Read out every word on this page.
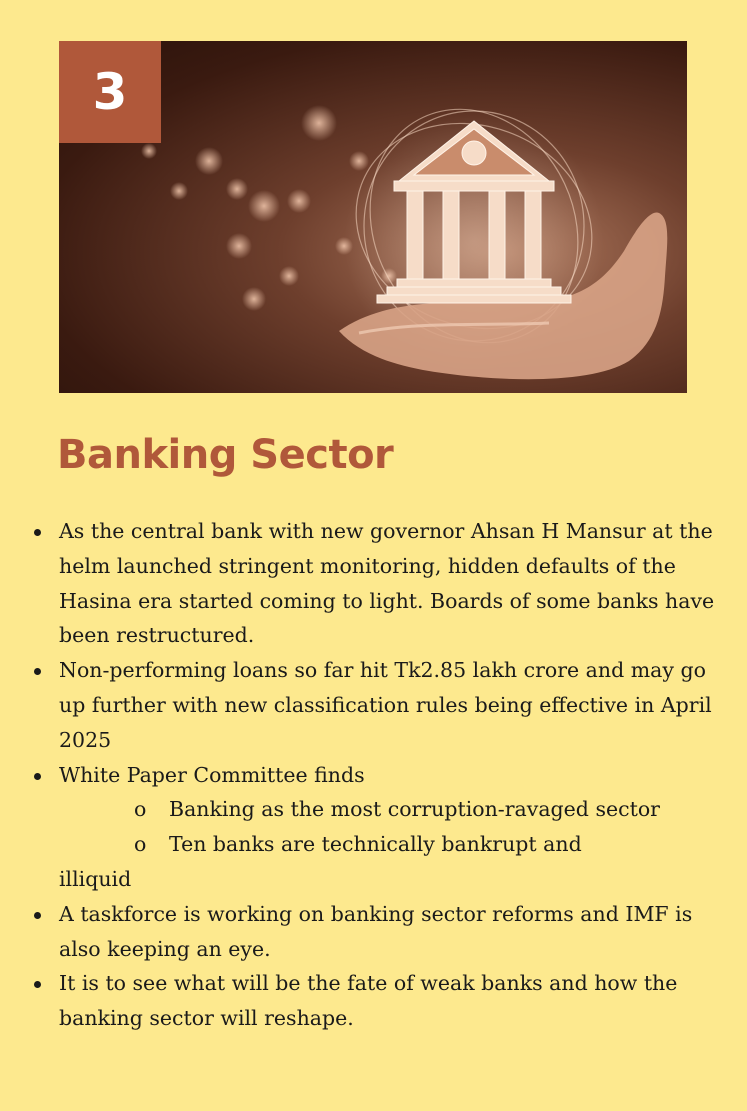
3
Banking Sector
As the central bank with new governor Ahsan H Mansur at the helm launched stringent monitoring, hidden defaults of the Hasina era started coming to light. Boards of some banks have been restructured.
Non-performing loans so far hit Tk2.85 lakh crore and may go up further with new classification rules being effective in April 2025
White Paper Committee finds
o	Banking as the most corruption-ravaged sector
o	Ten banks are technically bankrupt and
illiquid
A taskforce is working on banking sector reforms and IMF is also keeping an eye.
It is to see what will be the fate of weak banks and how the banking sector will reshape.
